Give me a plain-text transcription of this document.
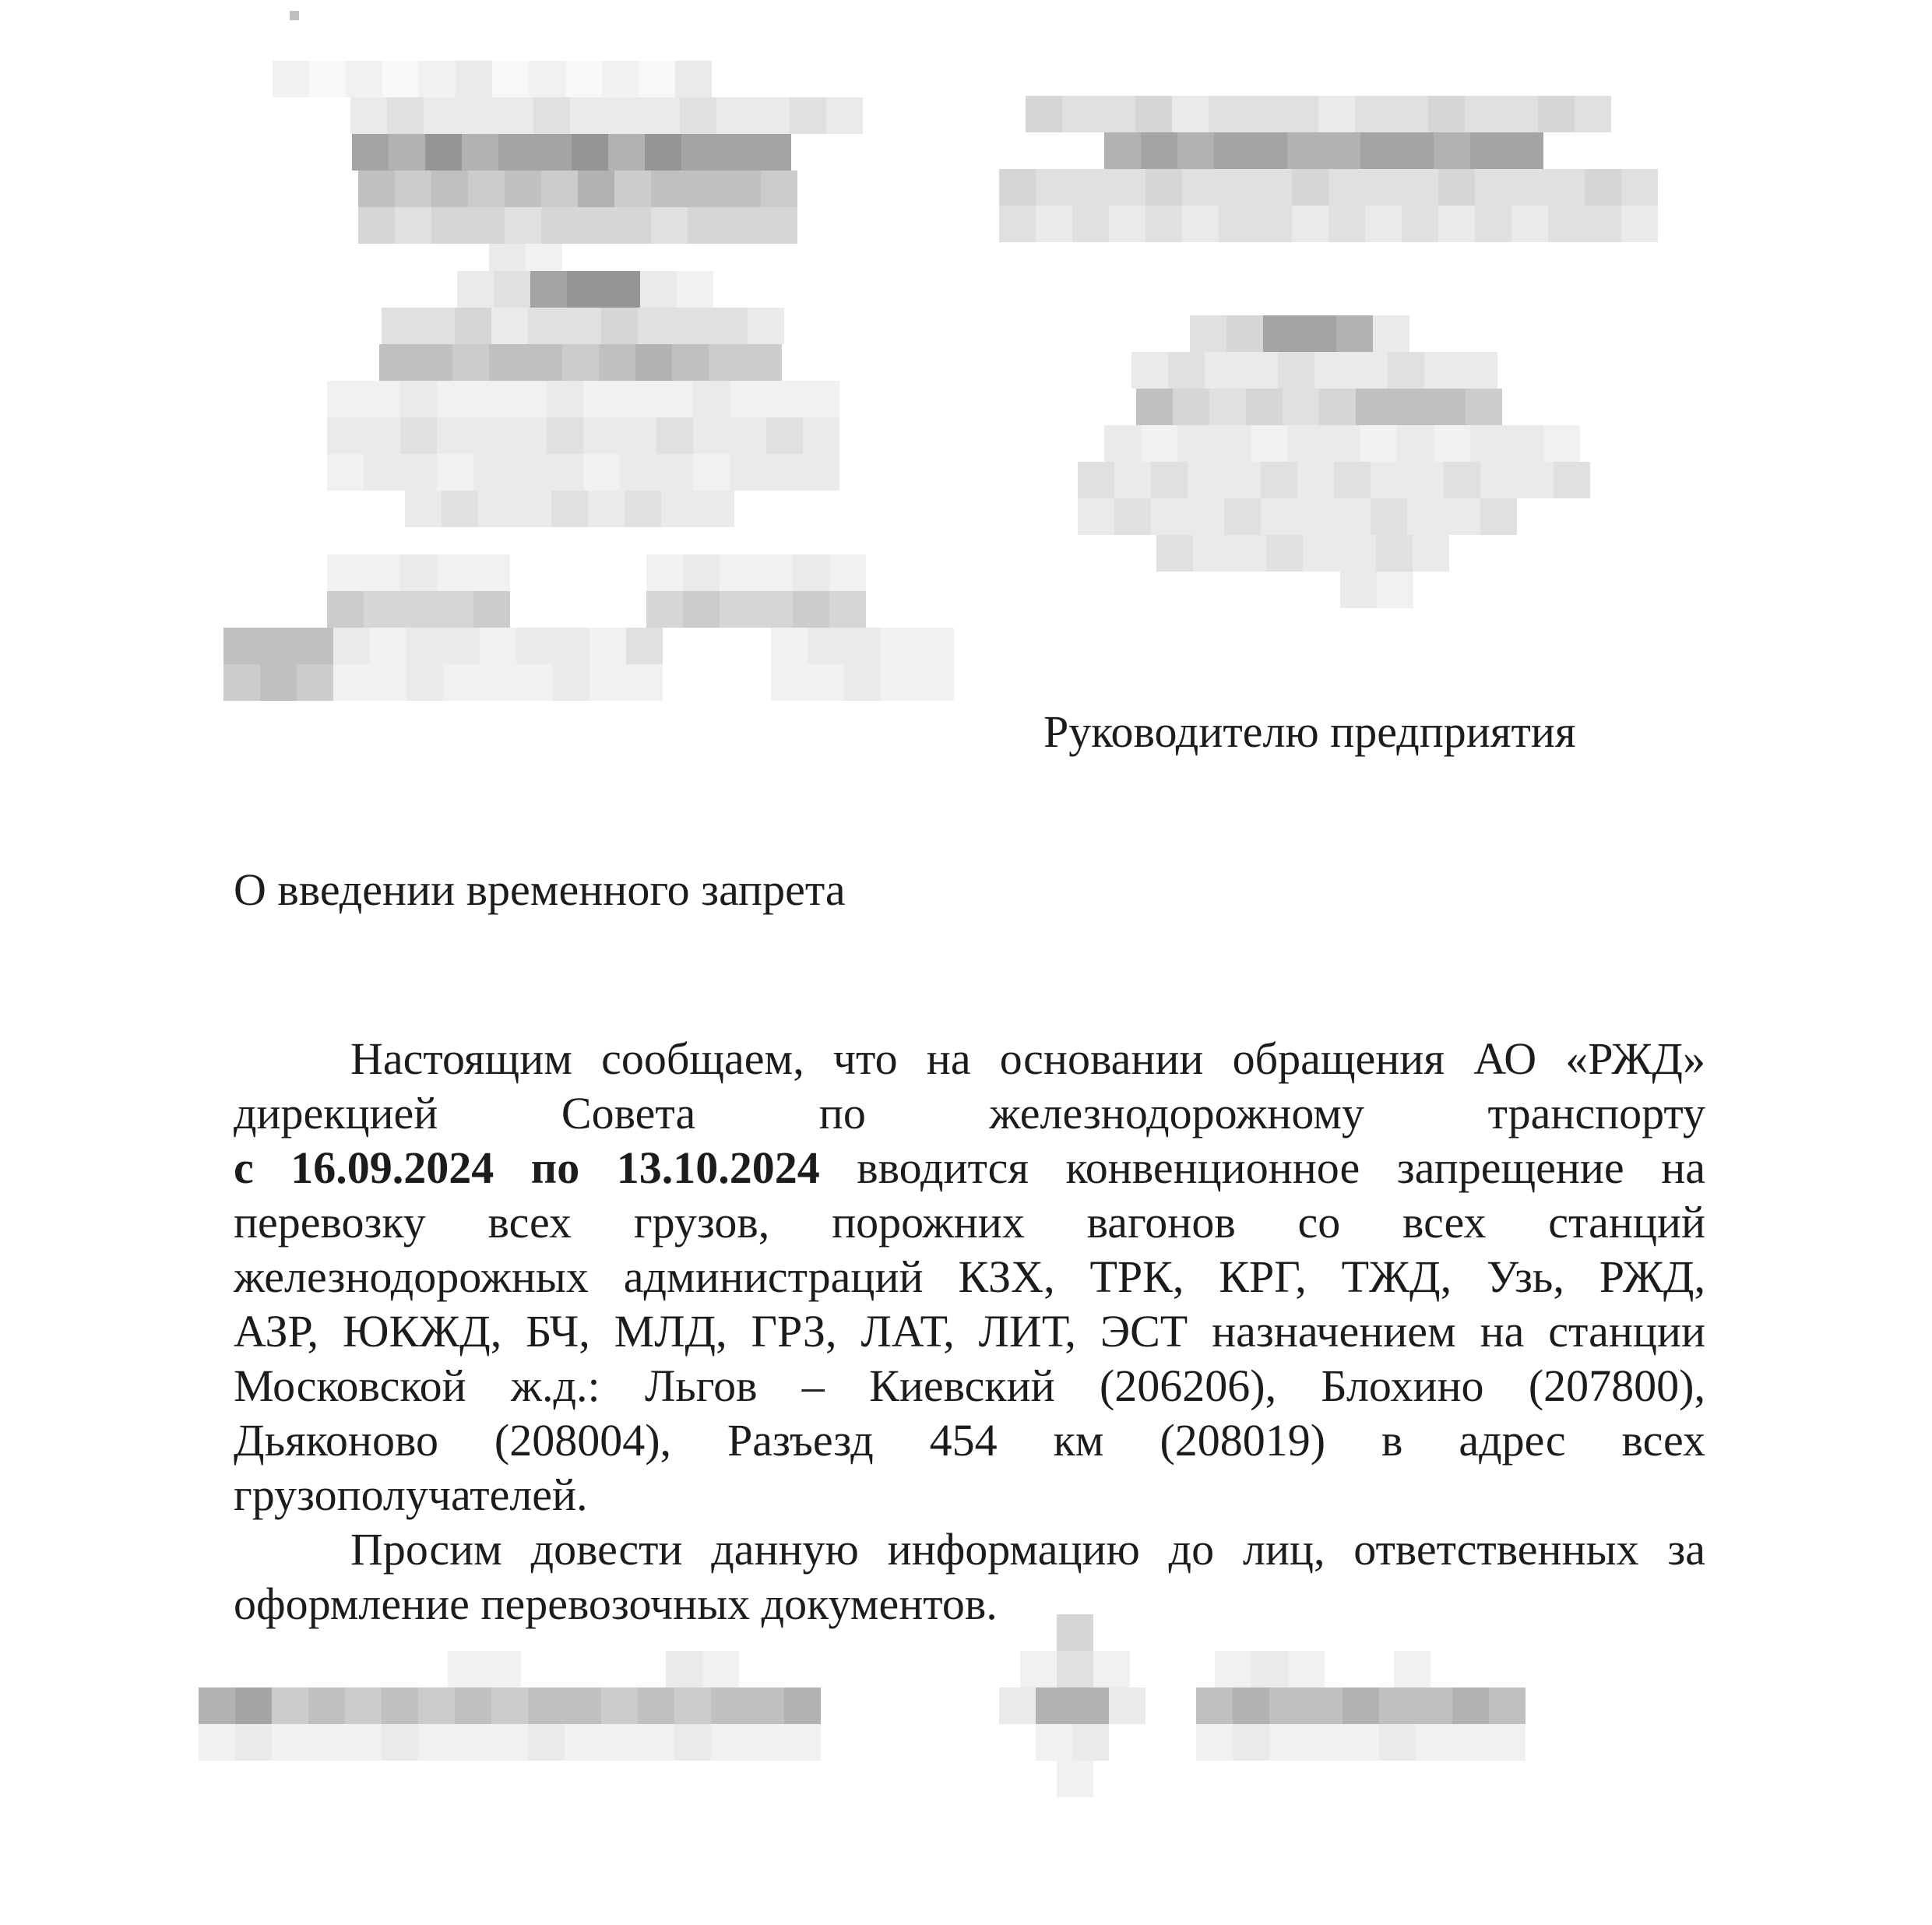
Руководителю предприятия
О введении временного запрета
Настоящим сообщаем, что на основании обращения АО «РЖД»
дирекцией Совета по железнодорожному транспорту
с 16.09.2024 по 13.10.2024 вводится конвенционное запрещение на
перевозку всех грузов, порожних вагонов со всех станций
железнодорожных администраций КЗХ, ТРК, КРГ, ТЖД, Узь, РЖД,
АЗР, ЮКЖД, БЧ, МЛД, ГРЗ, ЛАТ, ЛИТ, ЭСТ назначением на станции
Московской ж.д.: Льгов – Киевский (206206), Блохино (207800),
Дьяконово (208004), Разъезд 454 км (208019) в адрес всех
грузополучателей.
Просим довести данную информацию до лиц, ответственных за
оформление перевозочных документов.
